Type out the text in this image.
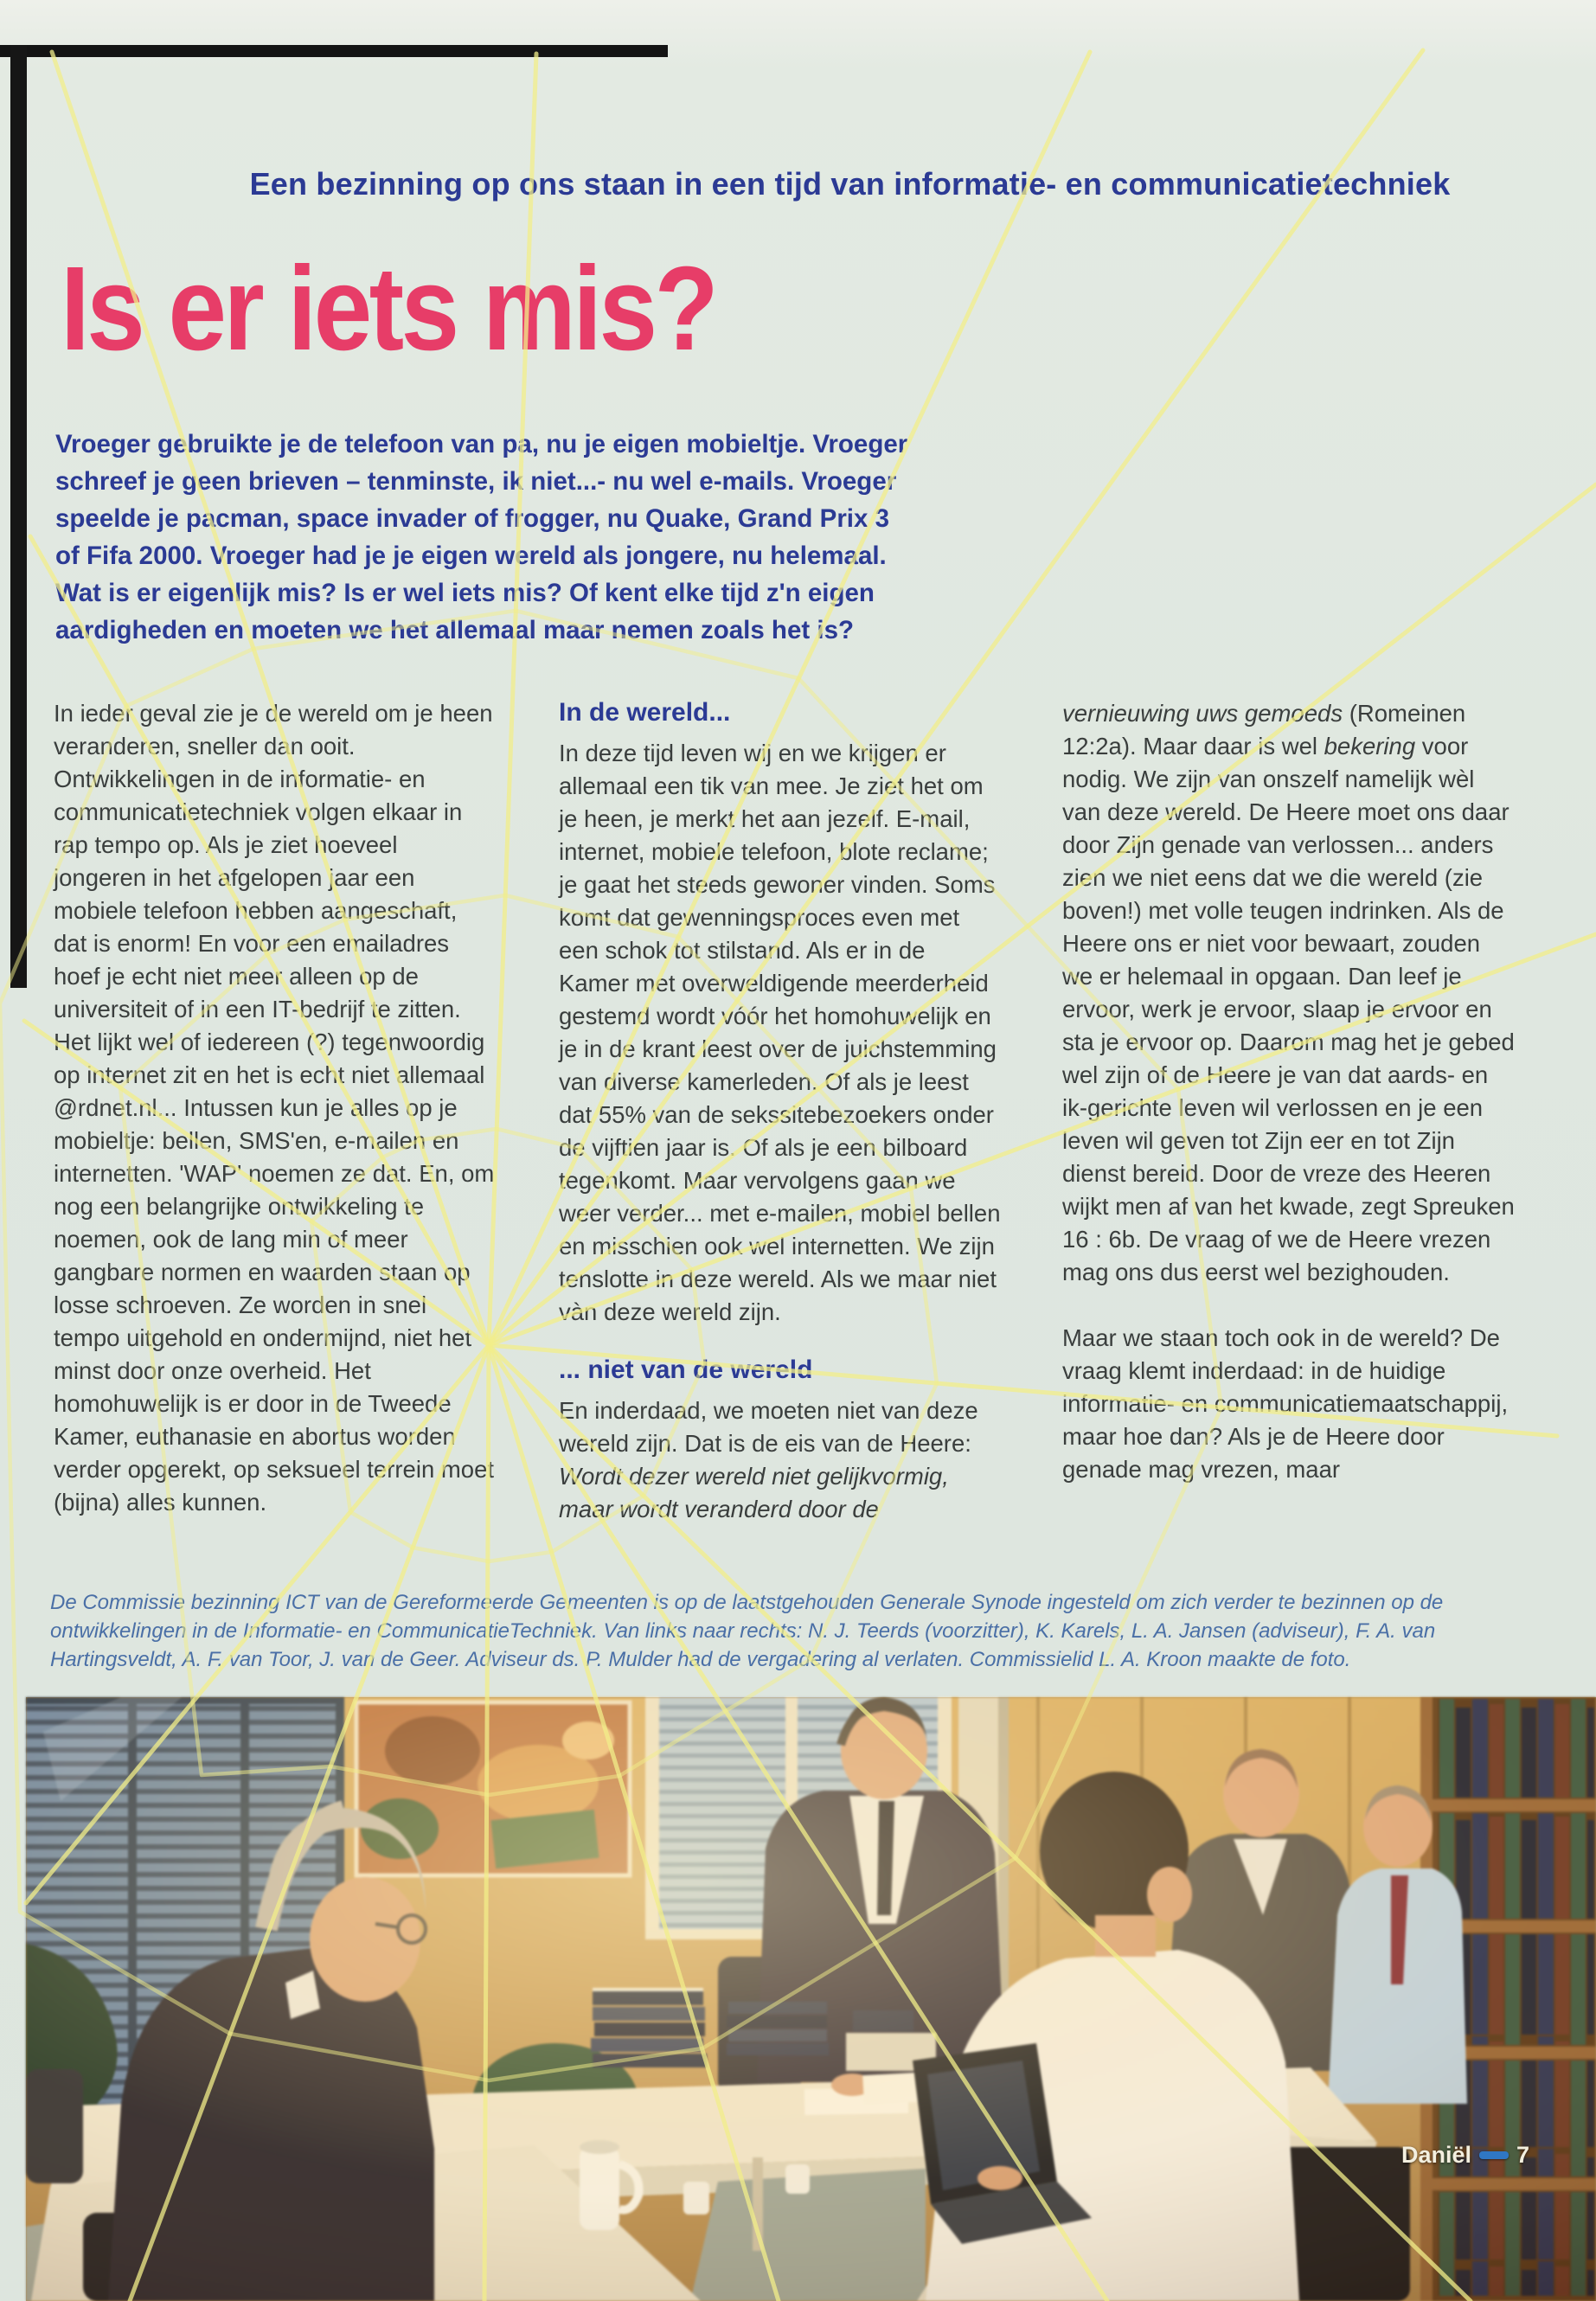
Een bezinning op ons staan in een tijd van informatie- en communicatietechniek
Is er iets mis?

Vroeger gebruikte je de telefoon van pa, nu je eigen mobieltje. Vroeger schreef je geen brieven – tenminste, ik niet...- nu wel e-mails. Vroeger speelde je pacman, space invader of frogger, nu Quake, Grand Prix 3 of Fifa 2000. Vroeger had je je eigen wereld als jongere, nu helemaal. Wat is er eigenlijk mis? Is er wel iets mis? Of kent elke tijd z'n eigen aardigheden en moeten we het allemaal maar nemen zoals het is?

In ieder geval zie je de wereld om je heen veranderen, sneller dan ooit. Ontwikkelingen in de informatie- en communicatietechniek volgen elkaar in rap tempo op. Als je ziet hoeveel jongeren in het afgelopen jaar een mobiele telefoon hebben aangeschaft, dat is enorm! En voor een emailadres hoef je echt niet meer alleen op de universiteit of in een IT-bedrijf te zitten. Het lijkt wel of iedereen (?) tegenwoordig op internet zit en het is echt niet allemaal @rdnet.nl... Intussen kun je alles op je mobieltje: bellen, SMS'en, e-mailen en internetten. 'WAP' noemen ze dat. En, om nog een belangrijke ontwikkeling te noemen, ook de lang min of meer gangbare normen en waarden staan op losse schroeven. Ze worden in snel tempo uitgehold en ondermijnd, niet het minst door onze overheid. Het homohuwelijk is er door in de Tweede Kamer, euthanasie en abortus worden verder opgerekt, op seksueel terrein moet (bijna) alles kunnen.

In de wereld...

In deze tijd leven wij en we krijgen er allemaal een tik van mee. Je ziet het om je heen, je merkt het aan jezelf. E-mail, internet, mobiele telefoon, blote reclame; je gaat het steeds gewoner vinden. Soms komt dat gewenningsproces even met een schok tot stilstand. Als er in de Kamer met overweldigende meerderheid gestemd wordt vóór het homohuwelijk en je in de krant leest over de juichstemming van diverse kamerleden. Of als je leest dat 55% van de sekssitebezoekers onder de vijftien jaar is. Of als je een bilboard tegenkomt. Maar vervolgens gaan we weer verder... met e-mailen, mobiel bellen en misschien ook wel internetten. We zijn tenslotte in deze wereld. Als we maar niet vàn deze wereld zijn.

... niet van de wereld

En inderdaad, we moeten niet van deze wereld zijn. Dat is de eis van de Heere: Wordt dezer wereld niet gelijkvormig, maar wordt veranderd door de

vernieuwing uws gemoeds (Romeinen 12:2a). Maar daar is wel bekering voor nodig. We zijn van onszelf namelijk wèl van deze wereld. De Heere moet ons daar door Zijn genade van verlossen... anders zien we niet eens dat we die wereld (zie boven!) met volle teugen indrinken. Als de Heere ons er niet voor bewaart, zouden we er helemaal in opgaan. Dan leef je ervoor, werk je ervoor, slaap je ervoor en sta je ervoor op. Daarom mag het je gebed wel zijn of de Heere je van dat aards- en ik-gerichte leven wil verlossen en je een leven wil geven tot Zijn eer en tot Zijn dienst bereid. Door de vreze des Heeren wijkt men af van het kwade, zegt Spreuken 16 : 6b. De vraag of we de Heere vrezen mag ons dus eerst wel bezighouden.

Maar we staan toch ook in de wereld? De vraag klemt inderdaad: in de huidige informatie- en communicatiemaatschappij, maar hoe dan? Als je de Heere door genade mag vrezen, maar

De Commissie bezinning ICT van de Gereformeerde Gemeenten is op de laatstgehouden Generale Synode ingesteld om zich verder te bezinnen op de ontwikkelingen in de Informatie- en CommunicatieTechniek. Van links naar rechts: N. J. Teerds (voorzitter), K. Karels, L. A. Jansen (adviseur), F. A. van Hartingsveldt, A. F. van Toor, J. van de Geer. Adviseur ds. P. Mulder had de vergadering al verlaten. Commissielid L. A. Kroon maakte de foto.

Daniël 7
